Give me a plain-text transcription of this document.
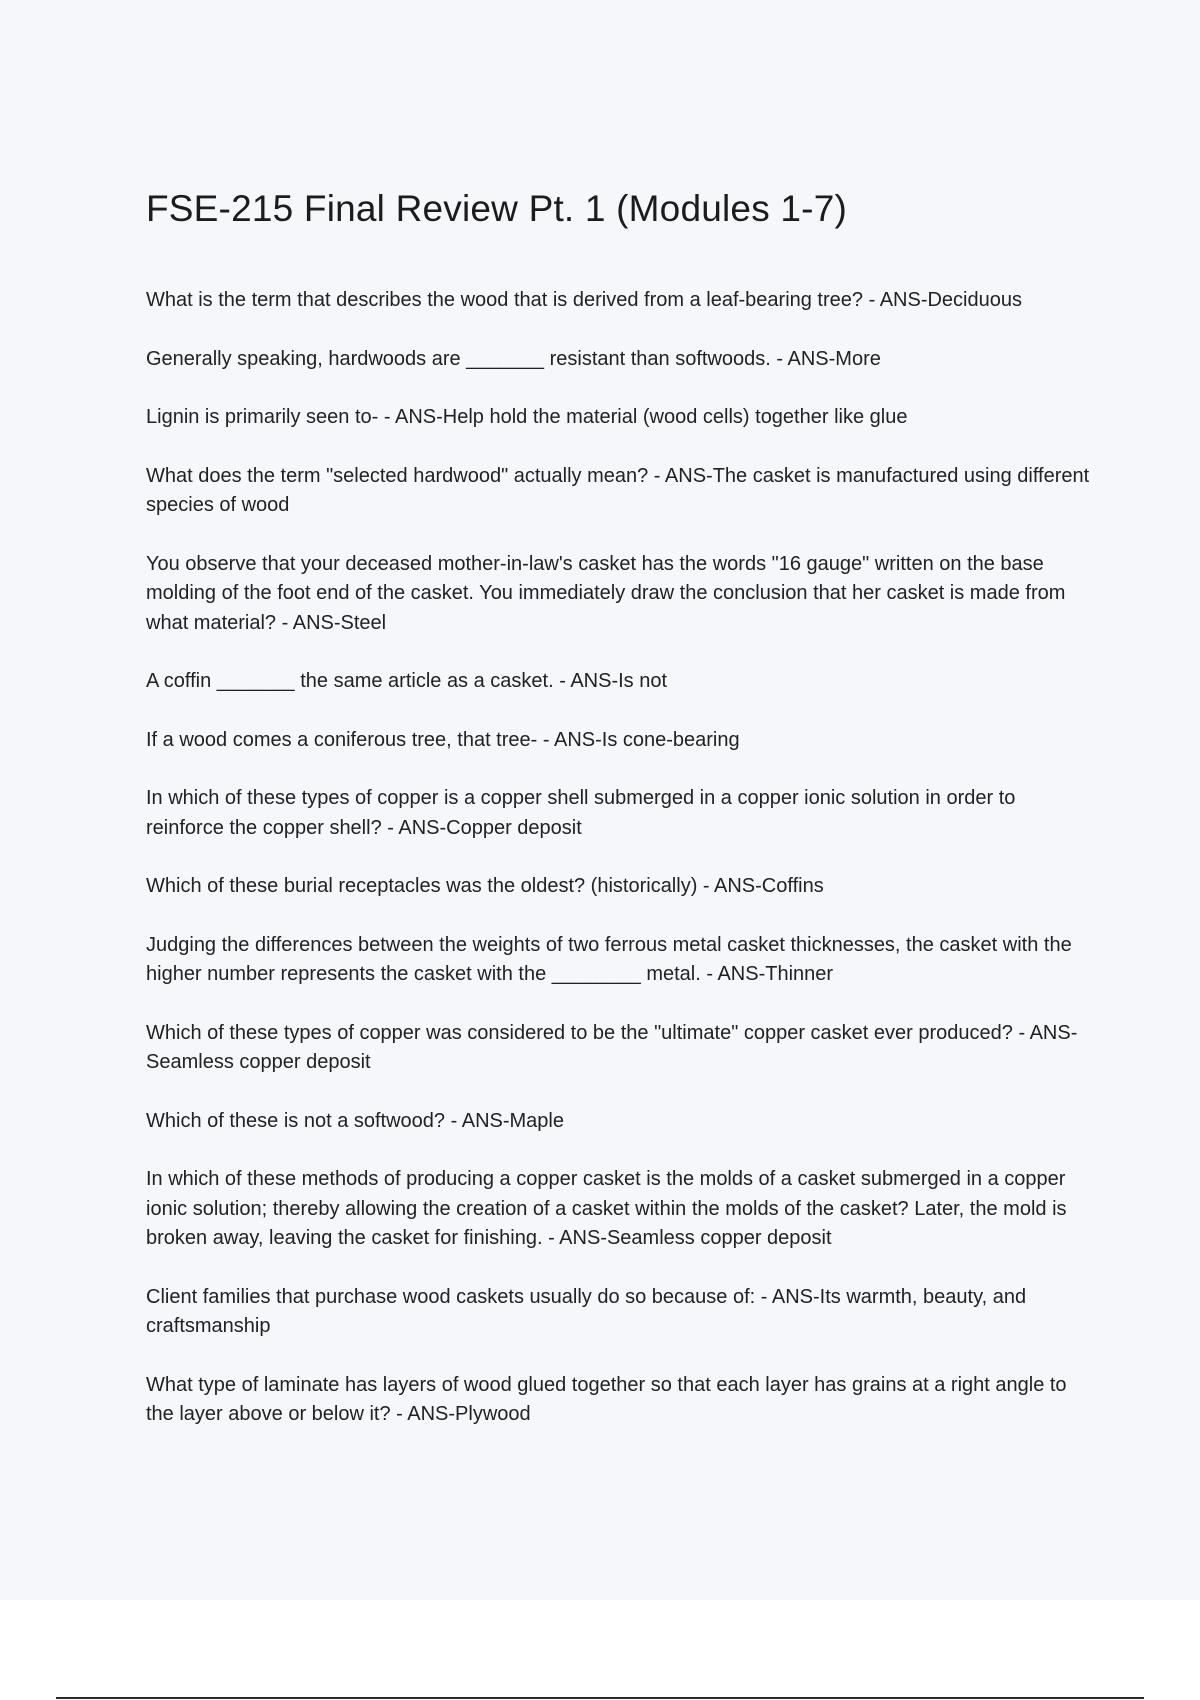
FSE-215 Final Review Pt. 1 (Modules 1-7)
What is the term that describes the wood that is derived from a leaf-bearing tree? - ANS-Deciduous
Generally speaking, hardwoods are _______ resistant than softwoods. - ANS-More
Lignin is primarily seen to- - ANS-Help hold the material (wood cells) together like glue
What does the term "selected hardwood" actually mean? - ANS-The casket is manufactured using different species of wood
You observe that your deceased mother-in-law's casket has the words "16 gauge" written on the base molding of the foot end of the casket. You immediately draw the conclusion that her casket is made from what material? - ANS-Steel
A coffin _______ the same article as a casket. - ANS-Is not
If a wood comes a coniferous tree, that tree- - ANS-Is cone-bearing
In which of these types of copper is a copper shell submerged in a copper ionic solution in order to reinforce the copper shell? - ANS-Copper deposit
Which of these burial receptacles was the oldest? (historically) - ANS-Coffins
Judging the differences between the weights of two ferrous metal casket thicknesses, the casket with the higher number represents the casket with the ________ metal. - ANS-Thinner
Which of these types of copper was considered to be the "ultimate" copper casket ever produced? - ANS-Seamless copper deposit
Which of these is not a softwood? - ANS-Maple
In which of these methods of producing a copper casket is the molds of a casket submerged in a copper ionic solution; thereby allowing the creation of a casket within the molds of the casket? Later, the mold is broken away, leaving the casket for finishing. - ANS-Seamless copper deposit
Client families that purchase wood caskets usually do so because of: - ANS-Its warmth, beauty, and craftsmanship
What type of laminate has layers of wood glued together so that each layer has grains at a right angle to the layer above or below it? - ANS-Plywood
